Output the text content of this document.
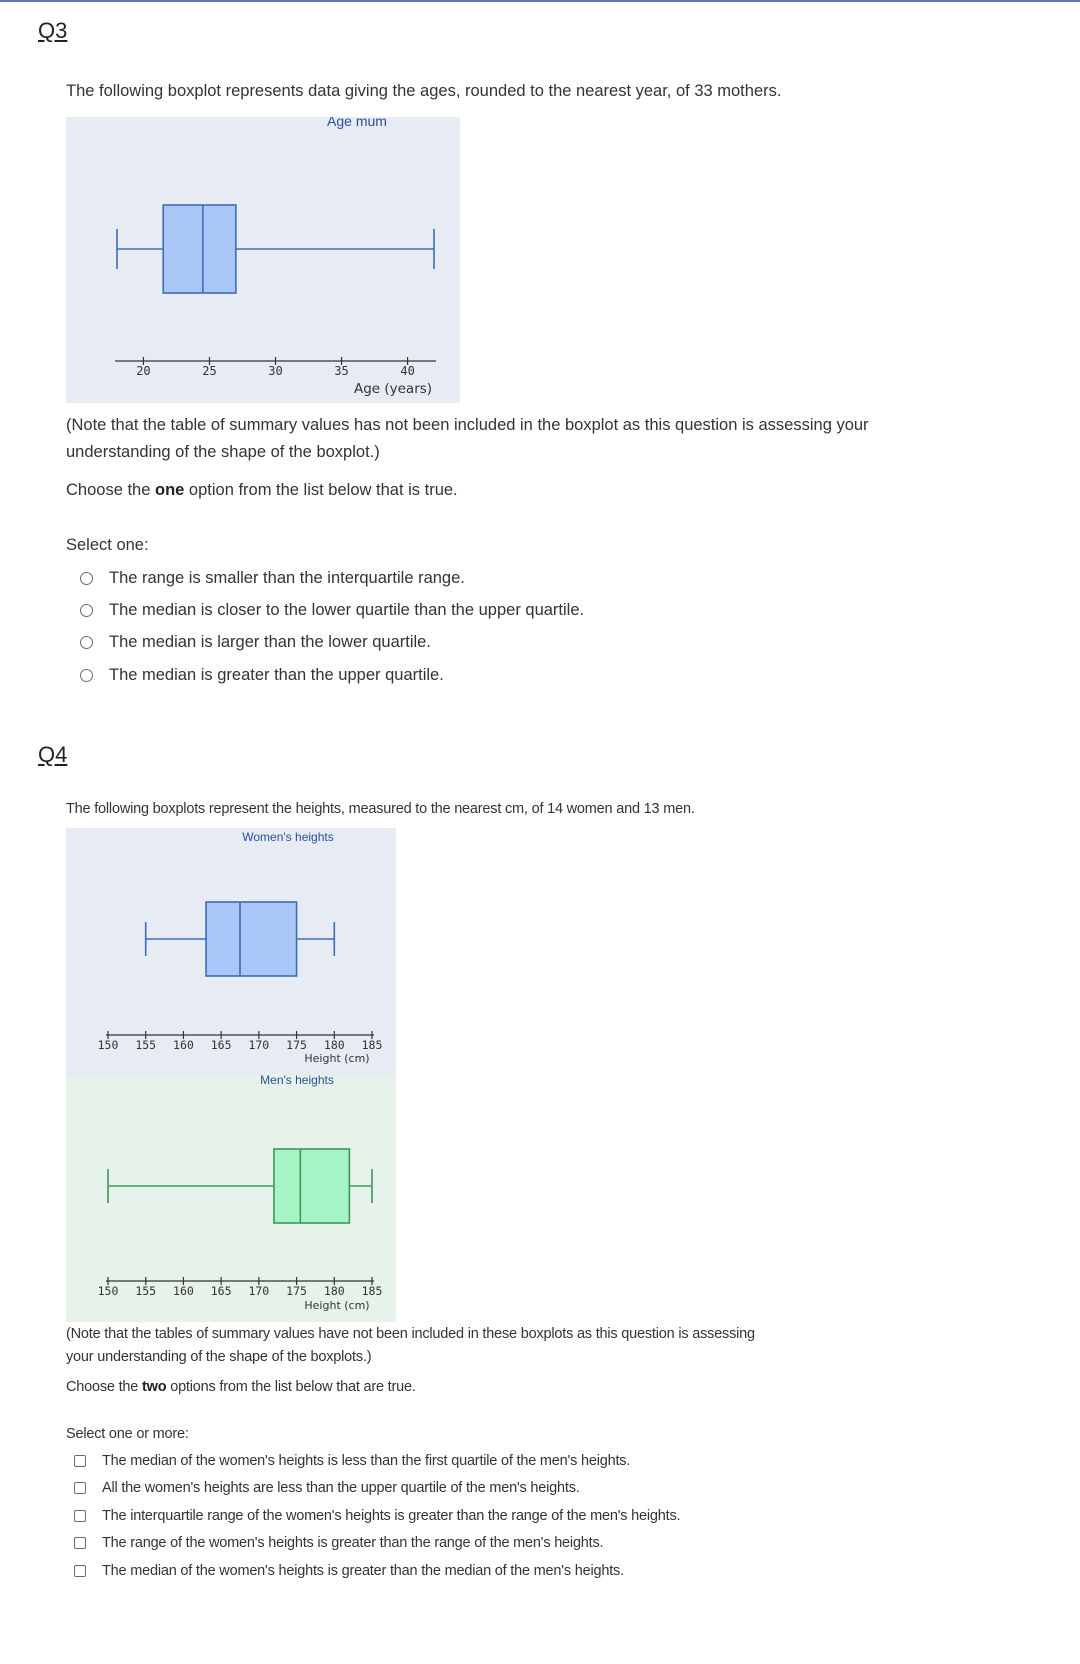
Q3
The following boxplot represents data giving the ages, rounded to the nearest year, of 33 mothers.
Age mum
20	25	30	35	40
Age (years)
(Note that the table of summary values has not been included in the boxplot as this question is assessing your understanding of the shape of the boxplot.)
Choose the one option from the list below that is true.
Select one:
The range is smaller than the interquartile range.
The median is closer to the lower quartile than the upper quartile.
The median is larger than the lower quartile.
The median is greater than the upper quartile.
Q4
The following boxplots represent the heights, measured to the nearest cm, of 14 women and 13 men.
Women's heights
150 155 160 165 170 175 180 185
Height (cm)
Men's heights
150 155 160 165 170 175 180 185
Height (cm)
(Note that the tables of summary values have not been included in these boxplots as this question is assessing your understanding of the shape of the boxplots.)
Choose the two options from the list below that are true.
Select one or more:
The median of the women's heights is less than the first quartile of the men's heights.
All the women's heights are less than the upper quartile of the men's heights.
The interquartile range of the women's heights is greater than the range of the men's heights.
The range of the women's heights is greater than the range of the men's heights.
The median of the women's heights is greater than the median of the men's heights.
